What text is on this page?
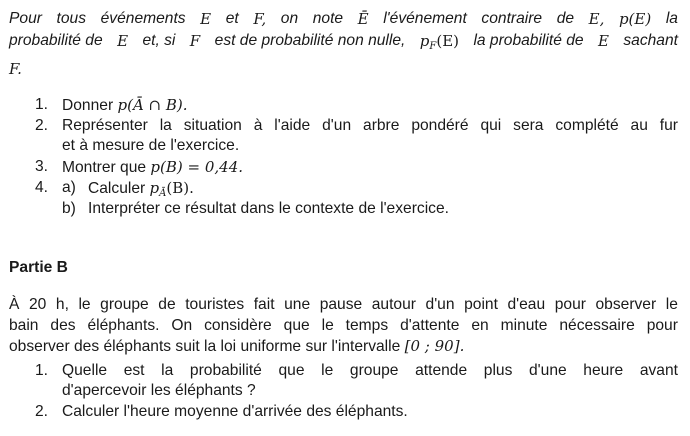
Pour tous événements E et F, on note Ē l'événement contraire de E, p(E) la
probabilité de E et, si F est de probabilité non nulle, $p_F(E)$ la probabilité de E sachant
F.
1. Donner p(Ā ∩ B).
2. Représenter la situation à l'aide d'un arbre pondéré qui sera complété au fur
et à mesure de l'exercice.
3. Montrer que p(B) = 0,44.
4. a) Calculer $p_Ā(B)$.
b) Interpréter ce résultat dans le contexte de l'exercice.
Partie B
À 20 h, le groupe de touristes fait une pause autour d'un point d'eau pour observer le
bain des éléphants. On considère que le temps d'attente en minute nécessaire pour
observer des éléphants suit la loi uniforme sur l'intervalle [0 ; 90].
1. Quelle est la probabilité que le groupe attende plus d'une heure avant
d'apercevoir les éléphants ?
2. Calculer l'heure moyenne d'arrivée des éléphants.
